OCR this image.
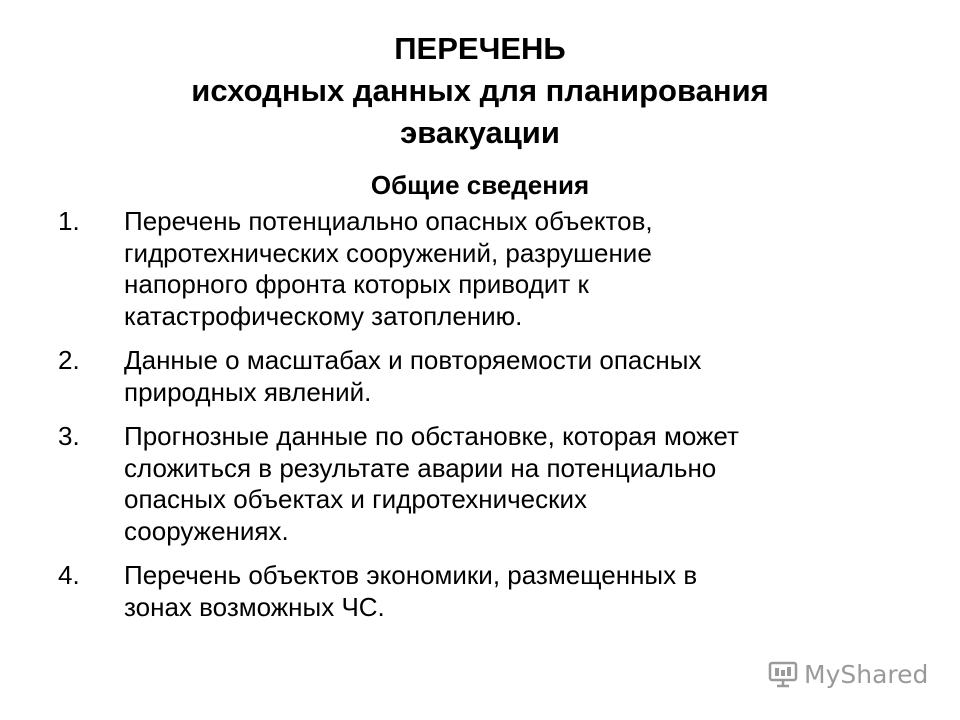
ПЕРЕЧЕНЬ
исходных данных для планирования
эвакуации
Общие сведения
1. Перечень потенциально опасных объектов,
гидротехнических сооружений, разрушение
напорного фронта которых приводит к
катастрофическому затоплению.
2. Данные о масштабах и повторяемости опасных
природных явлений.
3. Прогнозные данные по обстановке, которая может
сложиться в результате аварии на потенциально
опасных объектах и гидротехнических
сооружениях.
4. Перечень объектов экономики, размещенных в
зонах возможных ЧС.
MyShared
